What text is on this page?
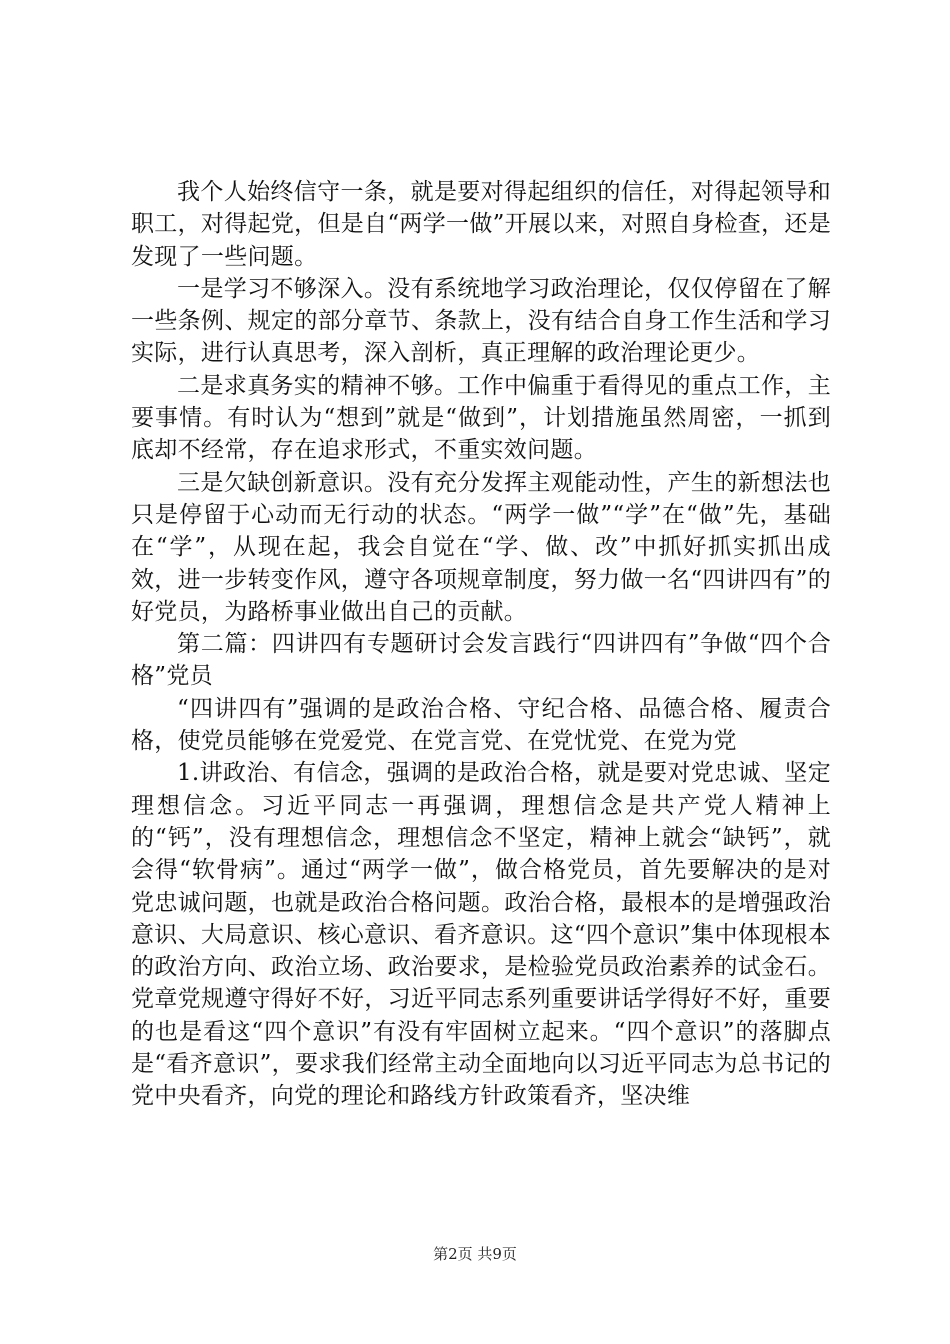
我个人始终信守一条，就是要对得起组织的信任，对得起领导和职工，对得起党，但是自“两学一做”开展以来，对照自身检查，还是发现了一些问题。

一是学习不够深入。没有系统地学习政治理论，仅仅停留在了解一些条例、规定的部分章节、条款上，没有结合自身工作生活和学习实际，进行认真思考，深入剖析，真正理解的政治理论更少。

二是求真务实的精神不够。工作中偏重于看得见的重点工作，主要事情。有时认为“想到”就是“做到”，计划措施虽然周密，一抓到底却不经常，存在追求形式，不重实效问题。

三是欠缺创新意识。没有充分发挥主观能动性，产生的新想法也只是停留于心动而无行动的状态。“两学一做”“学”在“做”先，基础在“学”，从现在起，我会自觉在“学、做、改”中抓好抓实抓出成效，进一步转变作风，遵守各项规章制度，努力做一名“四讲四有”的好党员，为路桥事业做出自己的贡献。

第二篇：四讲四有专题研讨会发言践行“四讲四有”争做“四个合格”党员

“四讲四有”强调的是政治合格、守纪合格、品德合格、履责合格，使党员能够在党爱党、在党言党、在党忧党、在党为党

1.讲政治、有信念，强调的是政治合格，就是要对党忠诚、坚定理想信念。习近平同志一再强调，理想信念是共产党人精神上的“钙”，没有理想信念，理想信念不坚定，精神上就会“缺钙”，就会得“软骨病”。通过“两学一做”，做合格党员，首先要解决的是对党忠诚问题，也就是政治合格问题。政治合格，最根本的是增强政治意识、大局意识、核心意识、看齐意识。这“四个意识”集中体现根本的政治方向、政治立场、政治要求，是检验党员政治素养的试金石。党章党规遵守得好不好，习近平同志系列重要讲话学得好不好，重要的也是看这“四个意识”有没有牢固树立起来。“四个意识”的落脚点是“看齐意识”，要求我们经常主动全面地向以习近平同志为总书记的党中央看齐，向党的理论和路线方针政策看齐，坚决维

第2页 共9页
